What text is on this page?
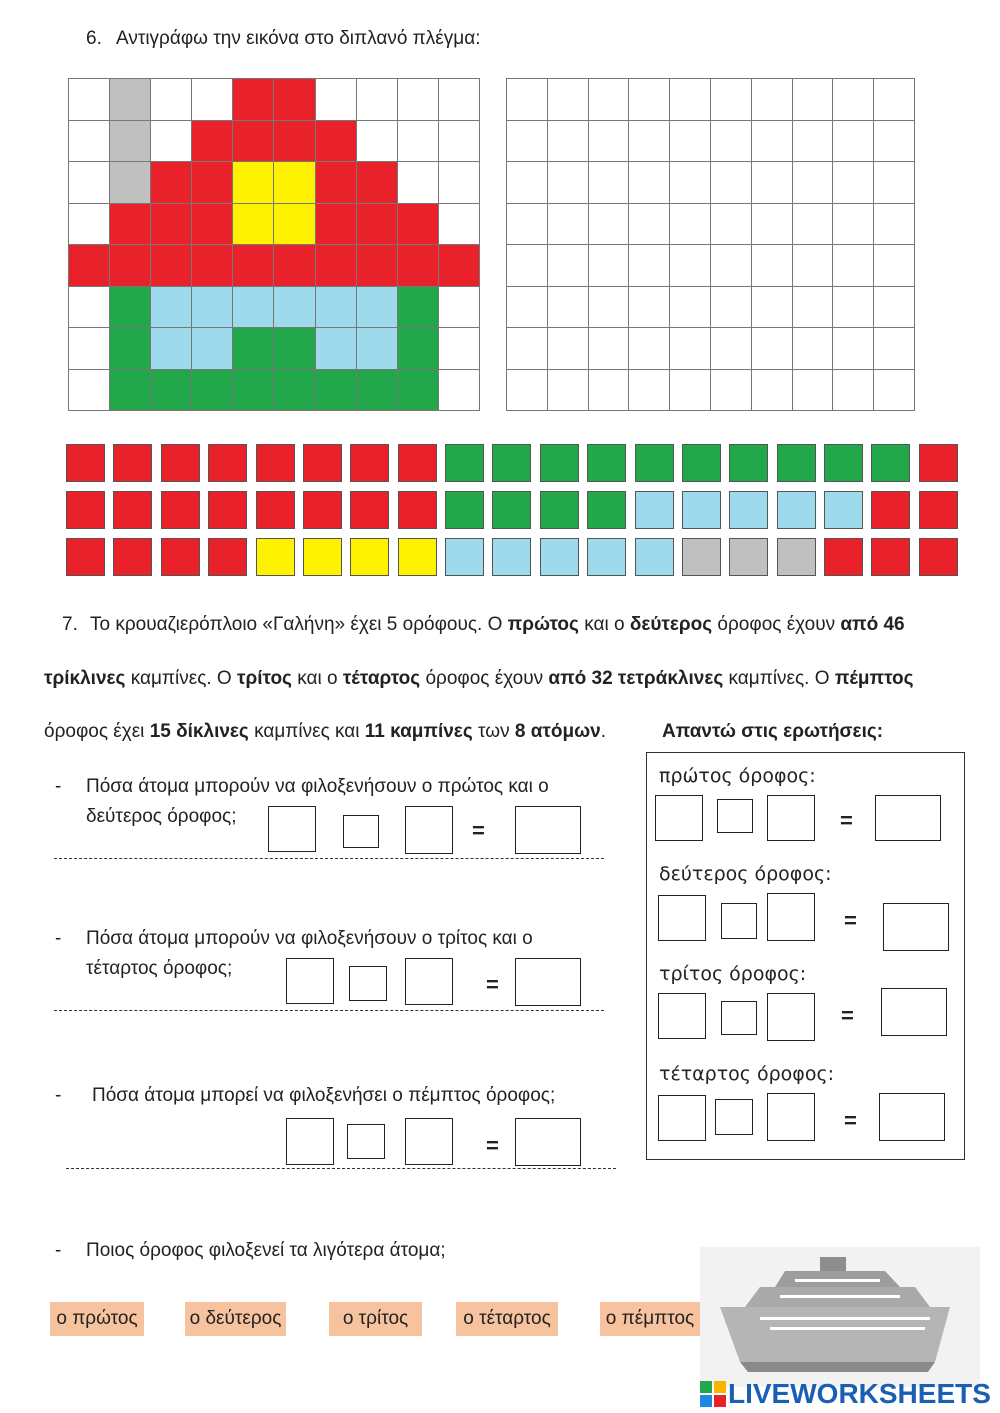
6. Αντιγράφω την εικόνα στο διπλανό πλέγμα:
7. Το κρουαζιερόπλοιο «Γαλήνη» έχει 5 ορόφους. Ο πρώτος και ο δεύτερος όροφος έχουν από 46
τρίκλινες καμπίνες. Ο τρίτος και ο τέταρτος όροφος έχουν από 32 τετράκλινες καμπίνες. Ο πέμπτος
όροφος έχει 15 δίκλινες καμπίνες και 11 καμπίνες των 8 ατόμων.	Απαντώ στις ερωτήσεις:
- Πόσα άτομα μπορούν να φιλοξενήσουν ο πρώτος και ο
δεύτερος όροφος;
=
- Πόσα άτομα μπορούν να φιλοξενήσουν ο τρίτος και ο
τέταρτος όροφος;
=
- Πόσα άτομα μπορεί να φιλοξενήσει ο πέμπτος όροφος;
=
πρώτος όροφος:
=
δεύτερος όροφος:
=
τρίτος όροφος:
=
τέταρτος όροφος:
=
- Ποιος όροφος φιλοξενεί τα λιγότερα άτομα;
ο πρώτος	ο δεύτερος	ο τρίτος	ο τέταρτος	ο πέμπτος
LIVEWORKSHEETS
